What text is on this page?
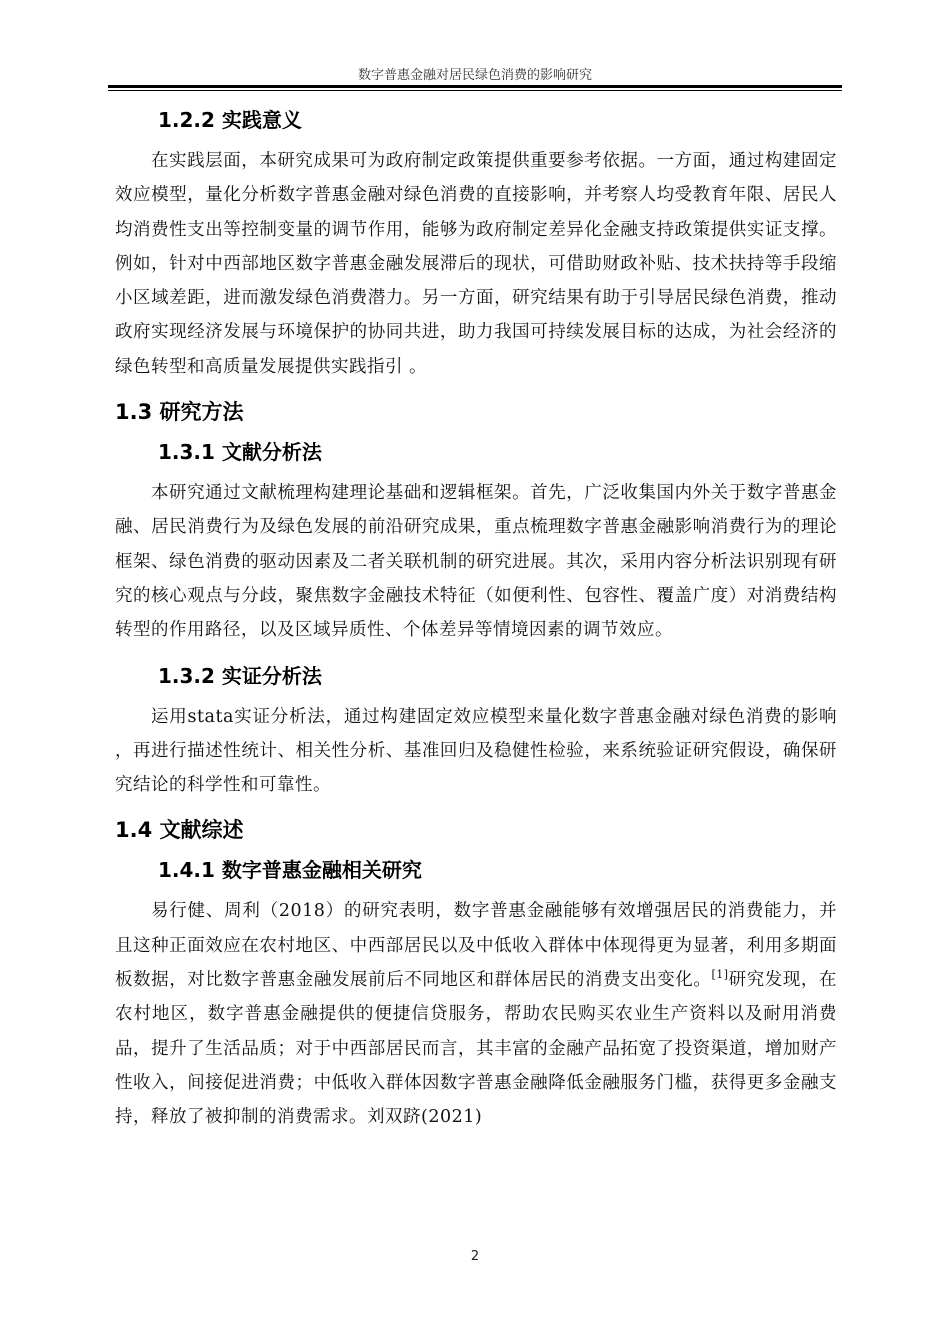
数字普惠金融对居民绿色消费的影响研究
1.2.2 实践意义

在实践层面，本研究成果可为政府制定政策提供重要参考依据。一方面，通过构建固定效应模型，量化分析数字普惠金融对绿色消费的直接影响，并考察人均受教育年限、居民人均消费性支出等控制变量的调节作用，能够为政府制定差异化金融支持政策提供实证支撑。例如，针对中西部地区数字普惠金融发展滞后的现状，可借助财政补贴、技术扶持等手段缩小区域差距，进而激发绿色消费潜力。另一方面，研究结果有助于引导居民绿色消费，推动政府实现经济发展与环境保护的协同共进，助力我国可持续发展目标的达成，为社会经济的绿色转型和高质量发展提供实践指引 。

1.3 研究方法
1.3.1 文献分析法

本研究通过文献梳理构建理论基础和逻辑框架。首先，广泛收集国内外关于数字普惠金融、居民消费行为及绿色发展的前沿研究成果，重点梳理数字普惠金融影响消费行为的理论框架、绿色消费的驱动因素及二者关联机制的研究进展。其次，采用内容分析法识别现有研究的核心观点与分歧，聚焦数字金融技术特征（如便利性、包容性、覆盖广度）对消费结构转型的作用路径，以及区域异质性、个体差异等情境因素的调节效应。

1.3.2 实证分析法

运用stata实证分析法，通过构建固定效应模型来量化数字普惠金融对绿色消费的影响 ，再进行描述性统计、相关性分析、基准回归及稳健性检验，来系统验证研究假设，确保研究结论的科学性和可靠性。

1.4 文献综述
1.4.1 数字普惠金融相关研究

易行健、周利（2018）的研究表明，数字普惠金融能够有效增强居民的消费能力，并且这种正面效应在农村地区、中西部居民以及中低收入群体中体现得更为显著，利用多期面板数据，对比数字普惠金融发展前后不同地区和群体居民的消费支出变化。[1]研究发现，在农村地区，数字普惠金融提供的便捷信贷服务，帮助农民购买农业生产资料以及耐用消费品，提升了生活品质；对于中西部居民而言，其丰富的金融产品拓宽了投资渠道，增加财产性收入，间接促进消费；中低收入群体因数字普惠金融降低金融服务门槛，获得更多金融支持，释放了被抑制的消费需求。刘双跻(2021)

2
